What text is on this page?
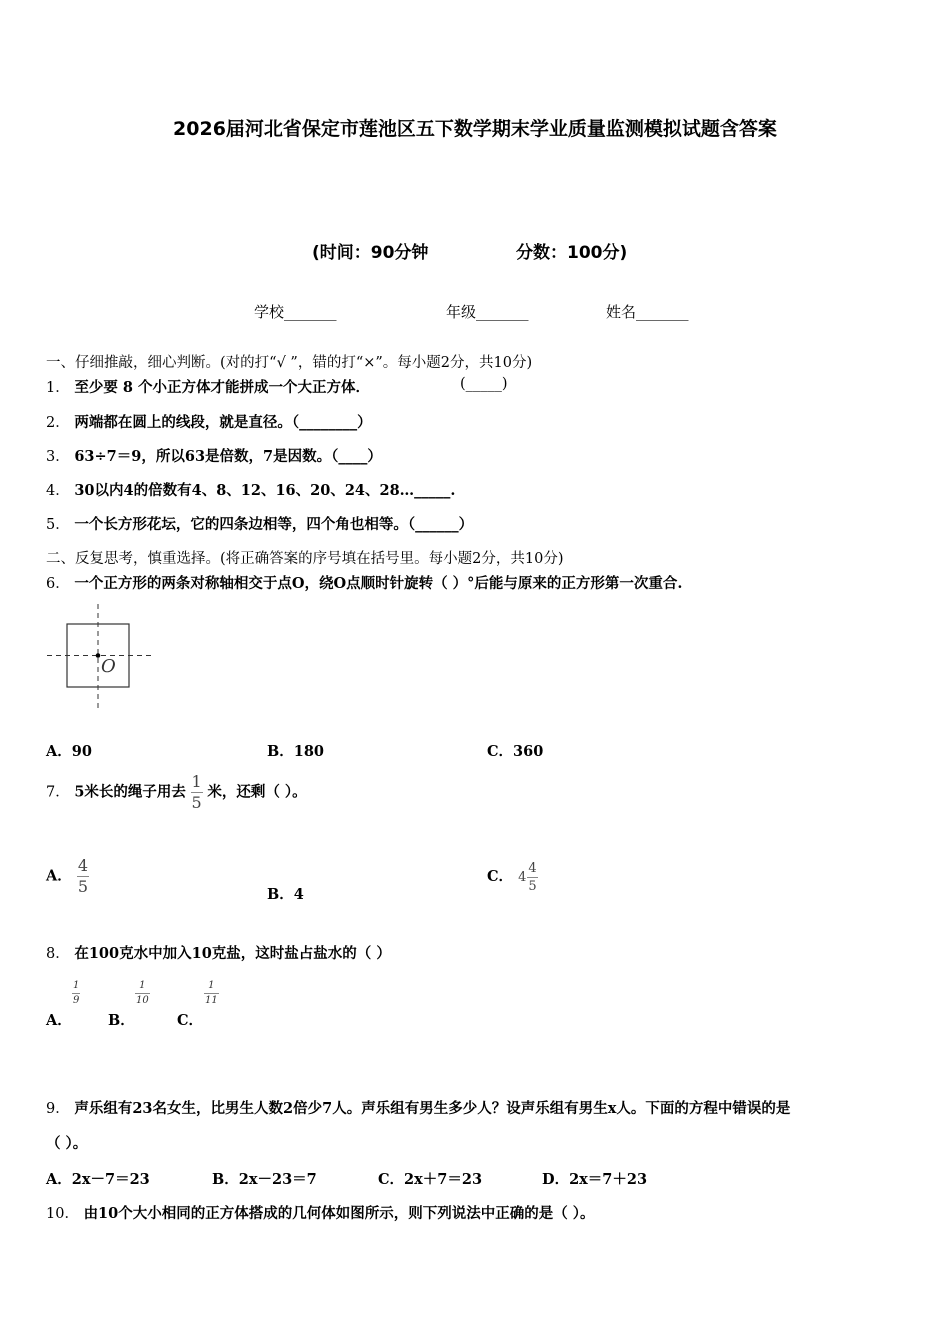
2026届河北省保定市莲池区五下数学期末学业质量监测模拟试题含答案
(时间：90分钟	分数：100分)
学校_______	年级_______	姓名_______
一、仔细推敲，细心判断。(对的打“√ ”，错的打“×”。每小题2分，共10分)
1． 至少要 8 个小正方体才能拼成一个大正方体．	(_____)
2． 两端都在圆上的线段，就是直径。（________）
3． 63÷7＝9，所以63是倍数，7是因数。（____）
4． 30以内4的倍数有4、8、12、16、20、24、28…_____.
5． 一个长方形花坛，它的四条边相等，四个角也相等。（______）
二、反复思考，慎重选择。(将正确答案的序号填在括号里。每小题2分，共10分)
6． 一个正方形的两条对称轴相交于点O，绕O点顺时针旋转（ ）°后能与原来的正方形第一次重合.
O
A．90	B．180	C．360
7． 5米长的绳子用去 $\frac{1}{5}$ 米，还剩（ ）。
A． $\frac{4}{5}$	B．4
C． $4 \frac{4}{5}$
8． 在100克水中加入10克盐，这时盐占盐水的（ ）
A．
$\frac{1}{9}$
B．
$\frac{1}{10}$
C．
$\frac{1}{11}$
9． 声乐组有23名女生，比男生人数2倍少7人。声乐组有男生多少人？设声乐组有男生x人。下面的方程中错误的是
（ ）。
A．2x－7＝23	B．2x－23＝7	C．2x＋7＝23	D．2x＝7＋23
10． 由10个大小相同的正方体搭成的几何体如图所示，则下列说法中正确的是（ ）。
